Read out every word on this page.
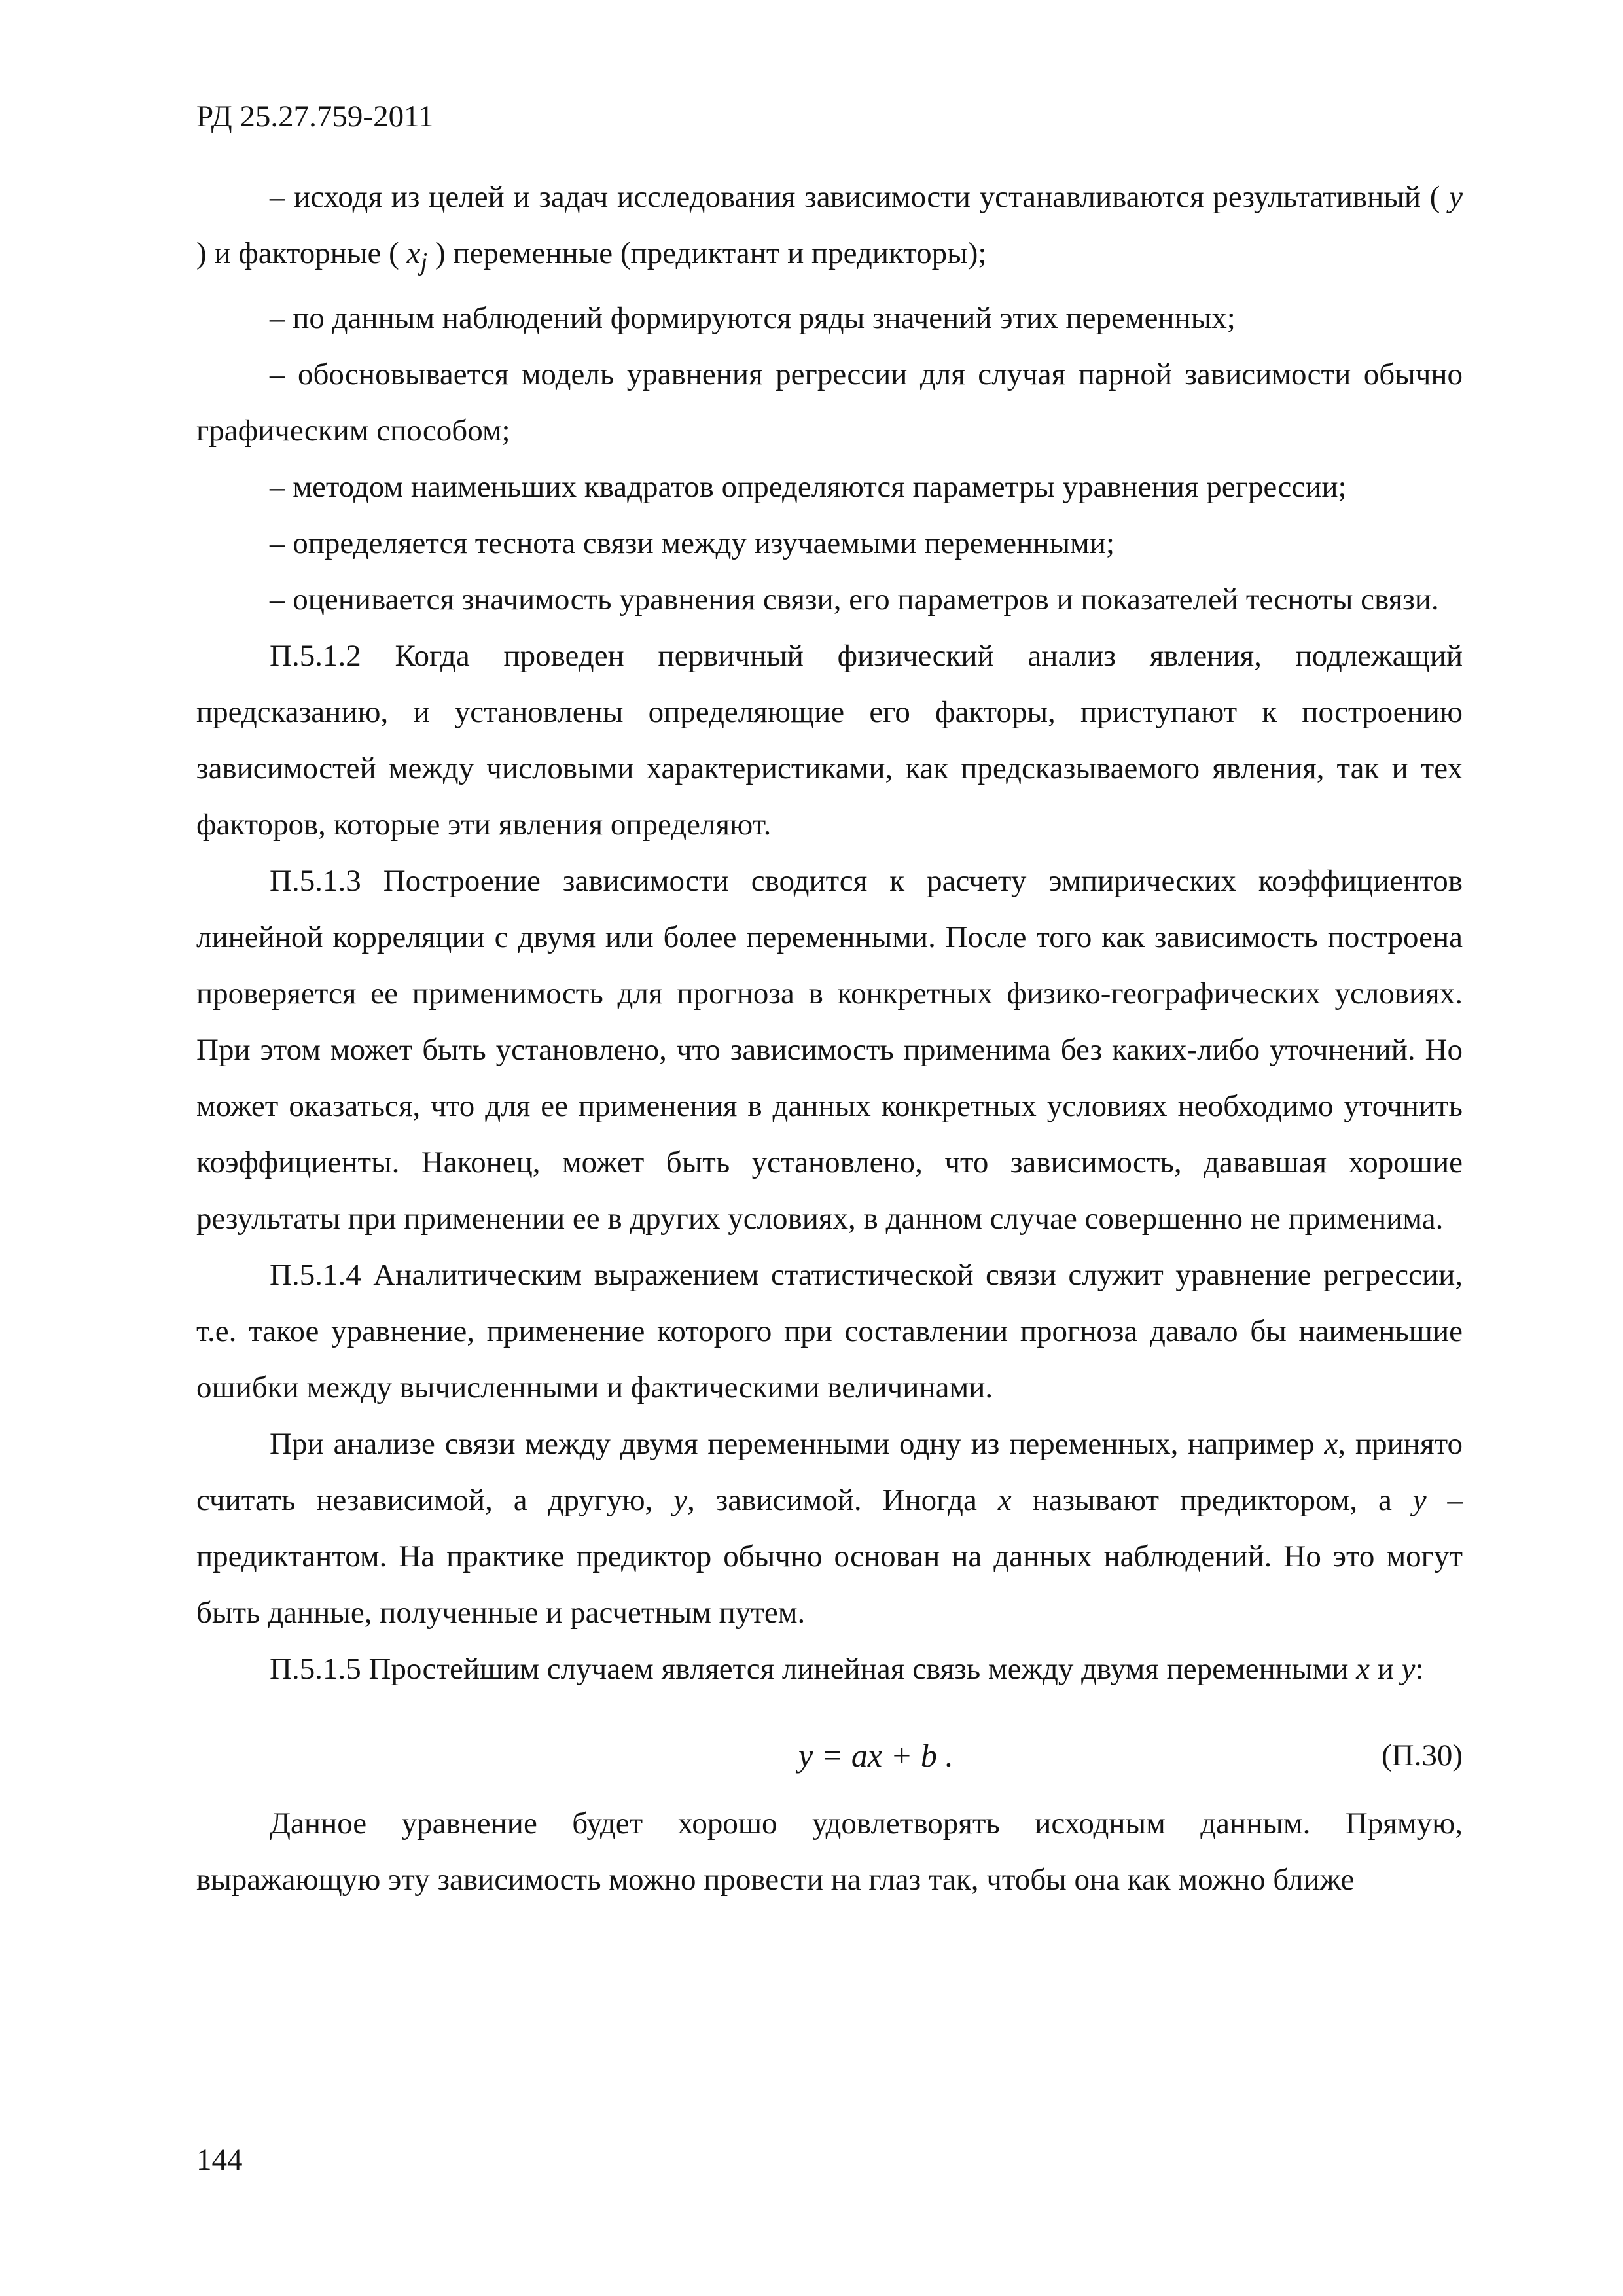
РД 25.27.759-2011

– исходя из целей и задач исследования зависимости устанавливаются результативный ( y ) и факторные ( $x_j$ ) переменные (предиктант и предикторы);

– по данным наблюдений формируются ряды значений этих переменных;

– обосновывается модель уравнения регрессии для случая парной зависимости обычно графическим способом;

– методом наименьших квадратов определяются параметры уравнения регрессии;

– определяется теснота связи между изучаемыми переменными;

– оценивается значимость уравнения связи, его параметров и показателей тесноты связи.

П.5.1.2 Когда проведен первичный физический анализ явления, подлежащий предсказанию, и установлены определяющие его факторы, приступают к построению зависимостей между числовыми характеристиками, как предсказываемого явления, так и тех факторов, которые эти явления определяют.

П.5.1.3 Построение зависимости сводится к расчету эмпирических коэффициентов линейной корреляции с двумя или более переменными. После того как зависимость построена проверяется ее применимость для прогноза в конкретных физико-географических условиях. При этом может быть установлено, что зависимость применима без каких-либо уточнений. Но может оказаться, что для ее применения в данных конкретных условиях необходимо уточнить коэффициенты. Наконец, может быть установлено, что зависимость, дававшая хорошие результаты при применении ее в других условиях, в данном случае совершенно не применима.

П.5.1.4 Аналитическим выражением статистической связи служит уравнение регрессии, т.е. такое уравнение, применение которого при составлении прогноза давало бы наименьшие ошибки между вычисленными и фактическими величинами.

При анализе связи между двумя переменными одну из переменных, например x, принято считать независимой, а другую, y, зависимой. Иногда x называют предиктором, а y – предиктантом. На практике предиктор обычно основан на данных наблюдений. Но это могут быть данные, полученные и расчетным путем.

П.5.1.5 Простейшим случаем является линейная связь между двумя переменными x и y:

y = ax + b .	(П.30)

Данное уравнение будет хорошо удовлетворять исходным данным. Прямую, выражающую эту зависимость можно провести на глаз так, чтобы она как можно ближе

144
